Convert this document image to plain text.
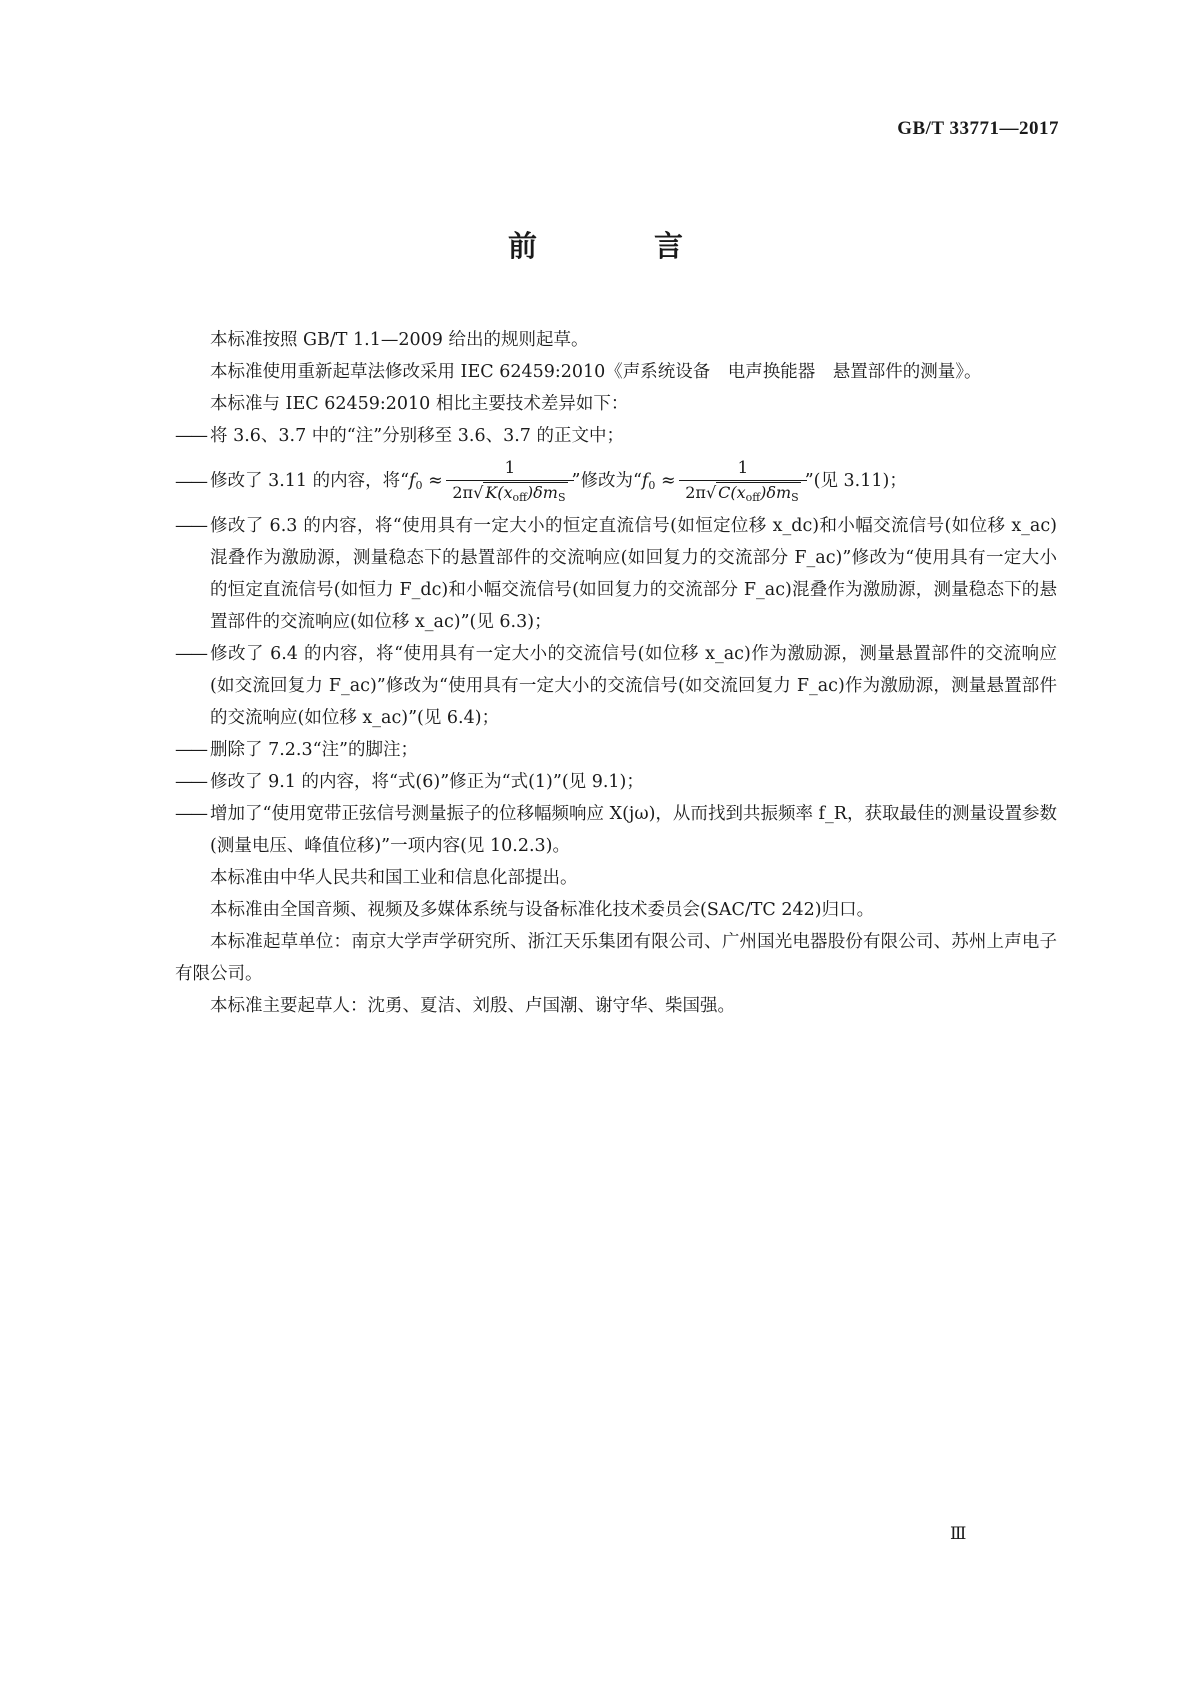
GB/T 33771—2017
前　言

本标准按照 GB/T 1.1—2009 给出的规则起草。

本标准使用重新起草法修改采用 IEC 62459:2010《声系统设备　电声换能器　悬置部件的测量》。

本标准与 IEC 62459:2010 相比主要技术差异如下：

—— 将 3.6、3.7 中的“注”分别移至 3.6、3.7 的正文中；
—— 修改了 3.11 的内容，将“ $f_0 \approx \frac{1}{2\pi√ K(x_{off})\delta m_S}$ ”修改为“ $f_0 \approx \frac{1}{2\pi√ C(x_{off})\delta m_S}$ ”(见 3.11)；
—— 修改了 6.3 的内容，将“使用具有一定大小的恒定直流信号(如恒定位移 x_dc)和小幅交流信号(如位移 x_ac)混叠作为激励源，测量稳态下的悬置部件的交流响应(如回复力的交流部分 F_ac)”修改为“使用具有一定大小的恒定直流信号(如恒力 F_dc)和小幅交流信号(如回复力的交流部分 F_ac)混叠作为激励源，测量稳态下的悬置部件的交流响应(如位移 x_ac)”(见 6.3)；
—— 修改了 6.4 的内容，将“使用具有一定大小的交流信号(如位移 x_ac)作为激励源，测量悬置部件的交流响应(如交流回复力 F_ac)”修改为“使用具有一定大小的交流信号(如交流回复力 F_ac)作为激励源，测量悬置部件的交流响应(如位移 x_ac)”(见 6.4)；
—— 删除了 7.2.3“注”的脚注；
—— 修改了 9.1 的内容，将“式(6)”修正为“式(1)”(见 9.1)；
—— 增加了“使用宽带正弦信号测量振子的位移幅频响应 X(jω)，从而找到共振频率 f_R，获取最佳的测量设置参数(测量电压、峰值位移)”一项内容(见 10.2.3)。

本标准由中华人民共和国工业和信息化部提出。

本标准由全国音频、视频及多媒体系统与设备标准化技术委员会(SAC/TC 242)归口。

本标准起草单位：南京大学声学研究所、浙江天乐集团有限公司、广州国光电器股份有限公司、苏州上声电子有限公司。

本标准主要起草人：沈勇、夏洁、刘殷、卢国潮、谢守华、柴国强。

Ⅲ
